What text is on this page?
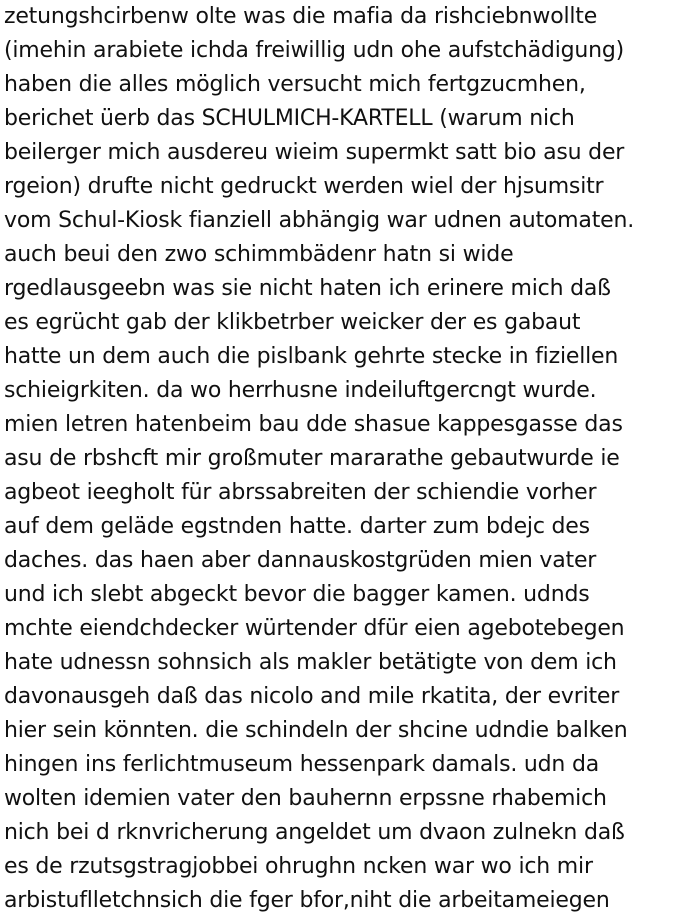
zetungshcirbenw olte was die mafia da rishciebnwollte
(imehin arabiete ichda freiwillig udn ohe aufstchädigung)
haben die alles möglich versucht mich fertgzucmhen,
berichet üerb das SCHULMICH-KARTELL (warum nich
beilerger mich ausdereu wieim supermkt satt bio asu der
rgeion) drufte nicht gedruckt werden wiel der hjsumsitr
vom Schul-Kiosk fianziell abhängig war udnen automaten.
auch beui den zwo schimmbädenr hatn si wide
rgedlausgeebn was sie nicht haten ich erinere mich daß
es egrücht gab der klikbetrber weicker der es gabaut
hatte un dem auch die pislbank gehrte stecke in fiziellen
schieigrkiten. da wo herrhusne indeiluftgercngt wurde.
mien letren hatenbeim bau dde shasue kappesgasse das
asu de rbshcft mir großmuter mararathe gebautwurde ie
agbeot ieegholt für abrssabreiten der schiendie vorher
auf dem geläde egstnden hatte. darter zum bdejc des
daches. das haen aber dannauskostgrüden mien vater
und ich slebt abgeckt bevor die bagger kamen. udnds
mchte eiendchdecker würtender dfür eien agebotebegen
hate udnessn sohnsich als makler betätigte von dem ich
davonausgeh daß das nicolo and mile rkatita, der evriter
hier sein könnten. die schindeln der shcine udndie balken
hingen ins ferlichtmuseum hessenpark damals. udn da
wolten idemien vater den bauhernn erpssne rhabemich
nich bei d rknvricherung angeldet um dvaon zulnekn daß
es de rzutsgstragjobbei ohrughn ncken war wo ich mir
arbistuflletchnsich die fger bfor,niht die arbeitameiegen
